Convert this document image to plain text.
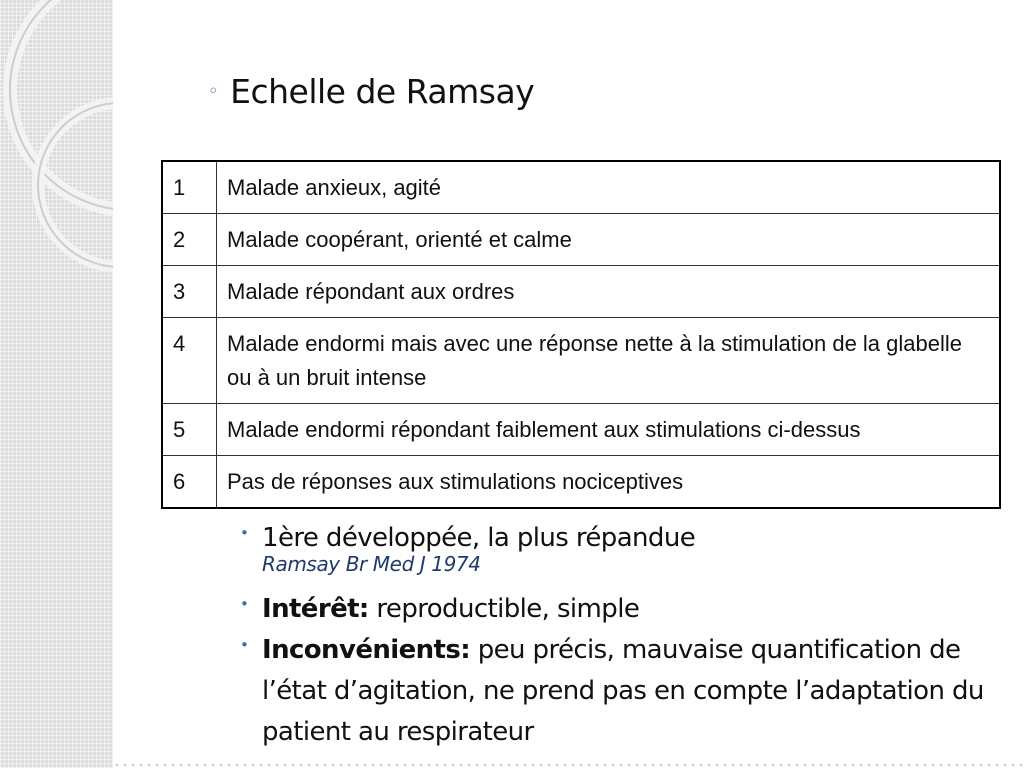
◦ Echelle de Ramsay
1	Malade anxieux, agité
2	Malade coopérant, orienté et calme
3	Malade répondant aux ordres
4	Malade endormi mais avec une réponse nette à la stimulation de la glabelle ou à un bruit intense
5	Malade endormi répondant faiblement aux stimulations ci-dessus
6	Pas de réponses aux stimulations nociceptives
• 1ère développée, la plus répandue
Ramsay Br Med J 1974
• Intérêt: reproductible, simple
• Inconvénients: peu précis, mauvaise quantification de l’état d’agitation, ne prend pas en compte l’adaptation du patient au respirateur
